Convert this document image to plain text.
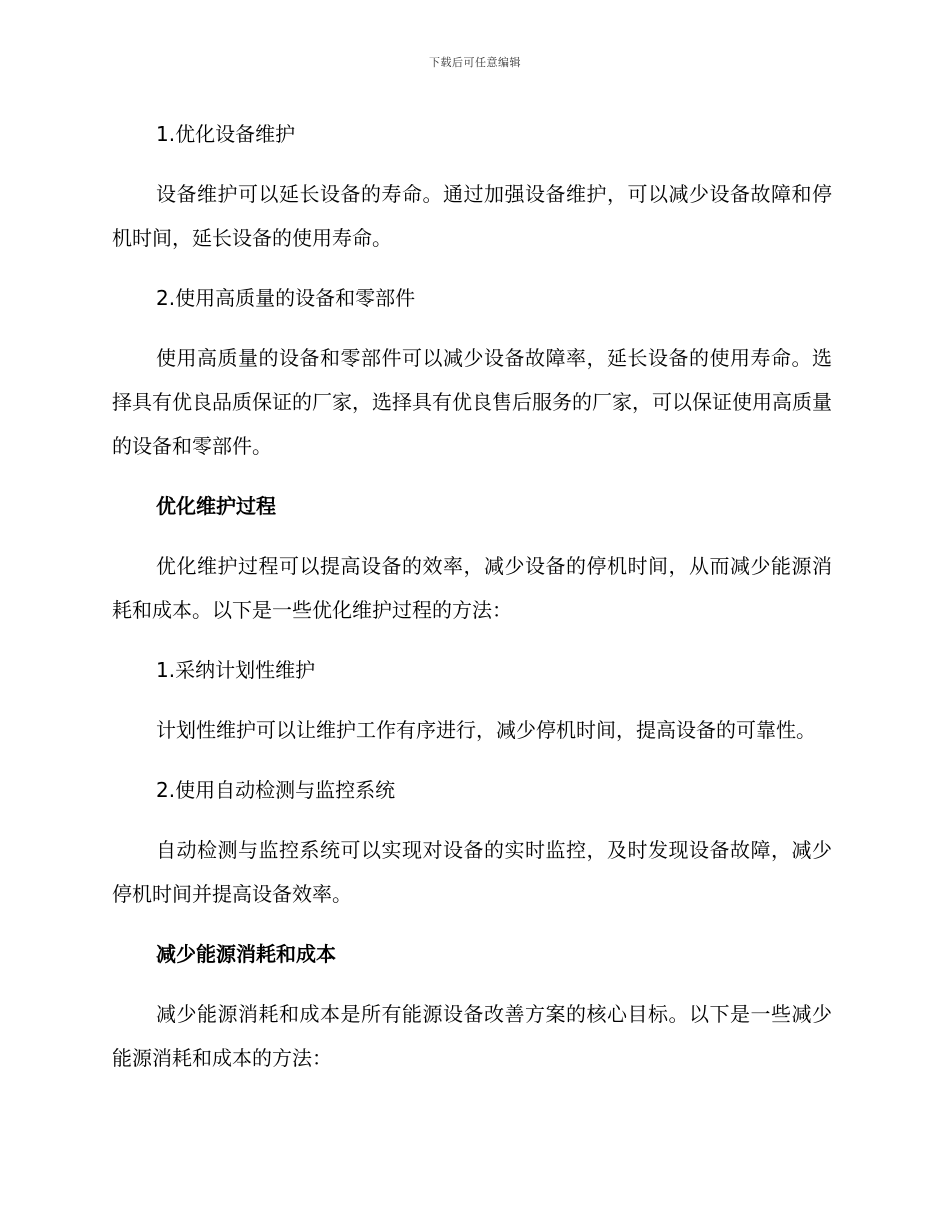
下载后可任意编辑

1.优化设备维护

设备维护可以延长设备的寿命。通过加强设备维护，可以减少设备故障和停机时间，延长设备的使用寿命。

2.使用高质量的设备和零部件

使用高质量的设备和零部件可以减少设备故障率，延长设备的使用寿命。选择具有优良品质保证的厂家，选择具有优良售后服务的厂家，可以保证使用高质量的设备和零部件。

优化维护过程

优化维护过程可以提高设备的效率，减少设备的停机时间，从而减少能源消耗和成本。以下是一些优化维护过程的方法：

1.采纳计划性维护

计划性维护可以让维护工作有序进行，减少停机时间，提高设备的可靠性。

2.使用自动检测与监控系统

自动检测与监控系统可以实现对设备的实时监控，及时发现设备故障，减少停机时间并提高设备效率。

减少能源消耗和成本

减少能源消耗和成本是所有能源设备改善方案的核心目标。以下是一些减少能源消耗和成本的方法：
